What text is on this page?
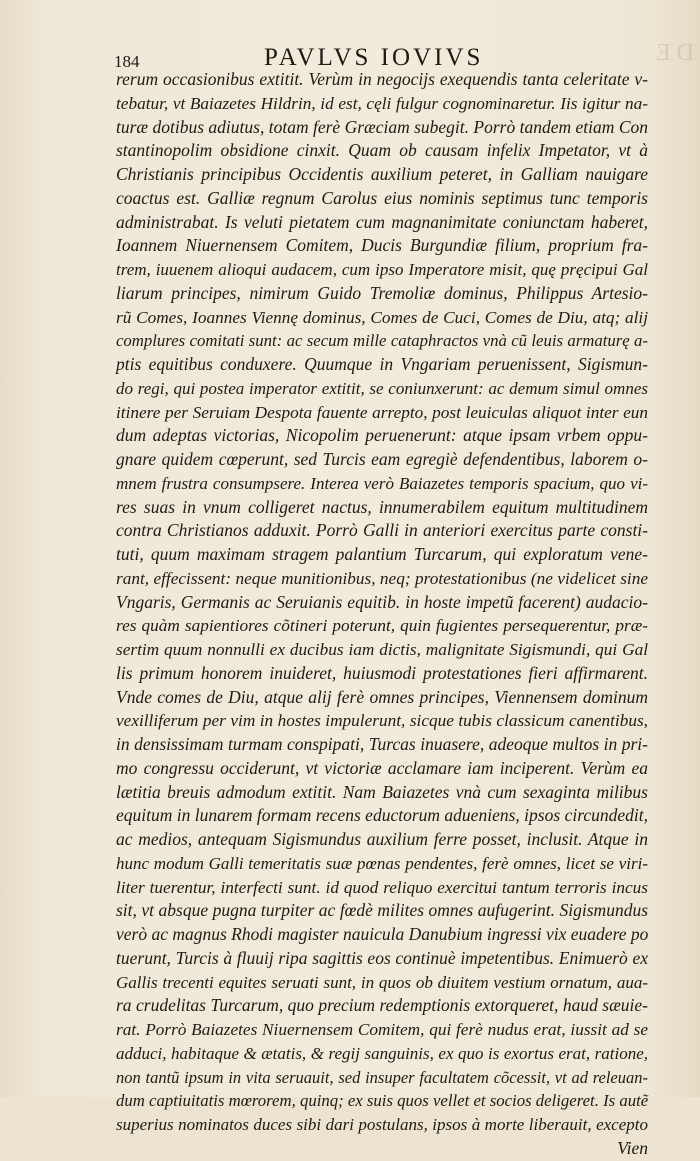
DE
184	PAVLVS IOVIVS
rerum occasionibus extitit. Verùm in negocijs exequendis tanta celeritate v-
tebatur, vt Baiazetes Hildrin, id est, cęli fulgur cognominaretur. Iis igitur na-
turæ dotibus adiutus, totam ferè Græciam subegit. Porrò tandem etiam Con
stantinopolim obsidione cinxit. Quam ob causam infelix Impetator, vt à
Christianis principibus Occidentis auxilium peteret, in Galliam nauigare
coactus est. Galliæ regnum Carolus eius nominis septimus tunc temporis
administrabat. Is veluti pietatem cum magnanimitate coniunctam haberet,
Ioannem Niuernensem Comitem, Ducis Burgundiæ filium, proprium fra-
trem, iuuenem alioqui audacem, cum ipso Imperatore misit, quę pręcipui Gal
liarum principes, nimirum Guido Tremoliæ dominus, Philippus Artesio-
rũ Comes, Ioannes Viennę dominus, Comes de Cuci, Comes de Diu, atq; alij
complures comitati sunt: ac secum mille cataphractos vnà cũ leuis armaturę a-
ptis equitibus conduxere. Quumque in Vngariam peruenissent, Sigismun-
do regi, qui postea imperator extitit, se coniunxerunt: ac demum simul omnes
itinere per Seruiam Despota fauente arrepto, post leuiculas aliquot inter eun
dum adeptas victorias, Nicopolim peruenerunt: atque ipsam vrbem oppu-
gnare quidem cœperunt, sed Turcis eam egregiè defendentibus, laborem o-
mnem frustra consumpsere. Interea verò Baiazetes temporis spacium, quo vi-
res suas in vnum colligeret nactus, innumerabilem equitum multitudinem
contra Christianos adduxit. Porrò Galli in anteriori exercitus parte consti-
tuti, quum maximam stragem palantium Turcarum, qui exploratum vene-
rant, effecissent: neque munitionibus, neq; protestationibus (ne videlicet sine
Vngaris, Germanis ac Seruianis equitib. in hoste impetũ facerent) audacio-
res quàm sapientiores cõtineri poterunt, quin fugientes persequerentur, præ-
sertim quum nonnulli ex ducibus iam dictis, malignitate Sigismundi, qui Gal
lis primum honorem inuideret, huiusmodi protestationes fieri affirmarent.
Vnde comes de Diu, atque alij ferè omnes principes, Viennensem dominum
vexilliferum per vim in hostes impulerunt, sicque tubis classicum canentibus,
in densissimam turmam conspipati, Turcas inuasere, adeoque multos in pri-
mo congressu occiderunt, vt victoriæ acclamare iam inciperent. Verùm ea
lætitia breuis admodum extitit. Nam Baiazetes vnà cum sexaginta milibus
equitum in lunarem formam recens eductorum adueniens, ipsos circundedit,
ac medios, antequam Sigismundus auxilium ferre posset, inclusit. Atque in
hunc modum Galli temeritatis suæ pœnas pendentes, ferè omnes, licet se viri-
liter tuerentur, interfecti sunt. id quod reliquo exercitui tantum terroris incus
sit, vt absque pugna turpiter ac fœdè milites omnes aufugerint. Sigismundus
verò ac magnus Rhodi magister nauicula Danubium ingressi vix euadere po
tuerunt, Turcis à fluuij ripa sagittis eos continuè impetentibus. Enimuerò ex
Gallis trecenti equites seruati sunt, in quos ob diuitem vestium ornatum, aua-
ra crudelitas Turcarum, quo precium redemptionis extorqueret, haud sæuie-
rat. Porrò Baiazetes Niuernensem Comitem, qui ferè nudus erat, iussit ad se
adduci, habitaque & ætatis, & regij sanguinis, ex quo is exortus erat, ratione,
non tantũ ipsum in vita seruauit, sed insuper facultatem cõcessit, vt ad releuan-
dum captiuitatis mœrorem, quinq; ex suis quos vellet et socios deligeret. Is autẽ
superius nominatos duces sibi dari postulans, ipsos à morte liberauit, excepto
Vien
